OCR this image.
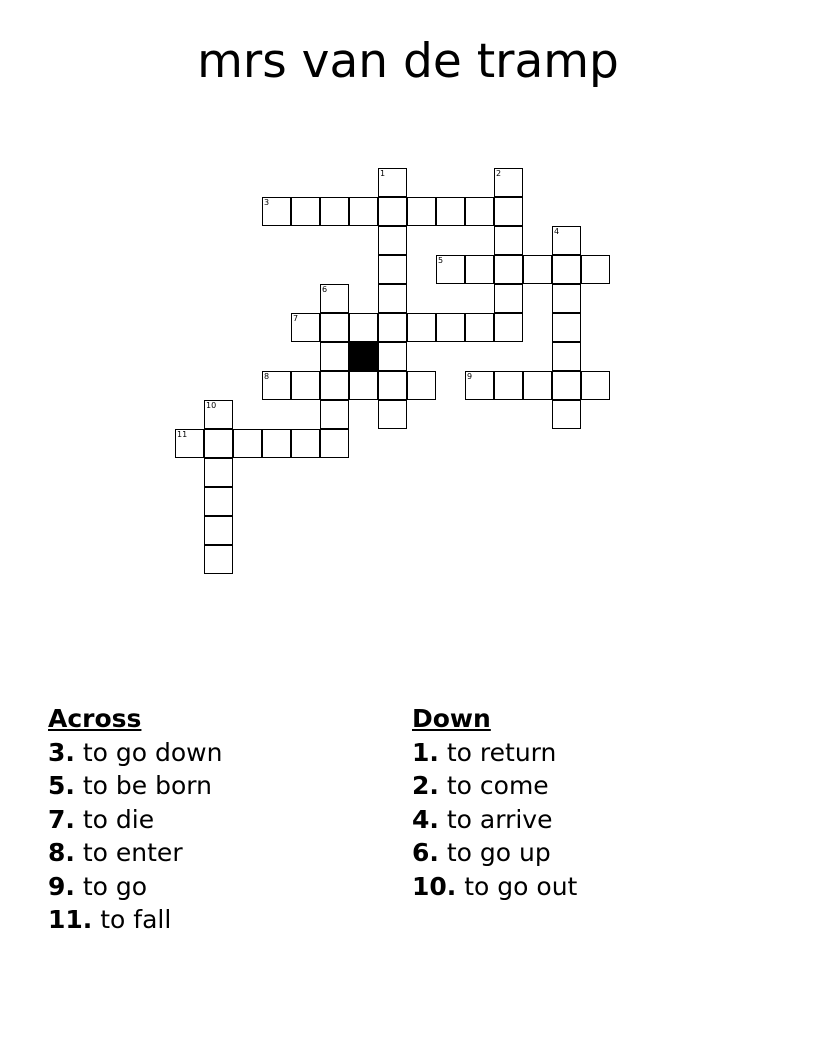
mrs van de tramp
1	2
3
4
5
6
7
8	9
10
11
Across
3. to go down
5. to be born
7. to die
8. to enter
9. to go
11. to fall
Down
1. to return
2. to come
4. to arrive
6. to go up
10. to go out
